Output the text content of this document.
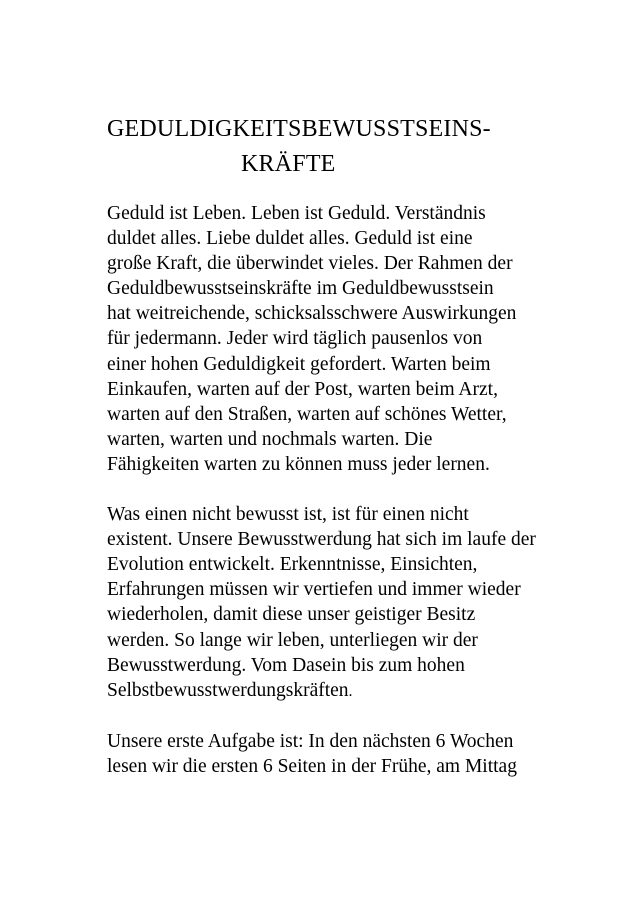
GEDULDIGKEITSBEWUSSTSEINS-
KRÄFTE
Geduld ist Leben. Leben ist Geduld. Verständnis
duldet alles. Liebe duldet alles. Geduld ist eine
große Kraft, die überwindet vieles. Der Rahmen der
Geduldbewusstseinskräfte im Geduldbewusstsein
hat weitreichende, schicksalsschwere Auswirkungen
für jedermann. Jeder wird täglich pausenlos von
einer hohen Geduldigkeit gefordert. Warten beim
Einkaufen, warten auf der Post, warten beim Arzt,
warten auf den Straßen, warten auf schönes Wetter,
warten, warten und nochmals warten. Die
Fähigkeiten warten zu können muss jeder lernen.
Was einen nicht bewusst ist, ist für einen nicht
existent. Unsere Bewusstwerdung hat sich im laufe der
Evolution entwickelt. Erkenntnisse, Einsichten,
Erfahrungen müssen wir vertiefen und immer wieder
wiederholen, damit diese unser geistiger Besitz
werden. So lange wir leben, unterliegen wir der
Bewusstwerdung. Vom Dasein bis zum hohen
Selbstbewusstwerdungskräften.
Unsere erste Aufgabe ist: In den nächsten 6 Wochen
lesen wir die ersten 6 Seiten in der Frühe, am Mittag
